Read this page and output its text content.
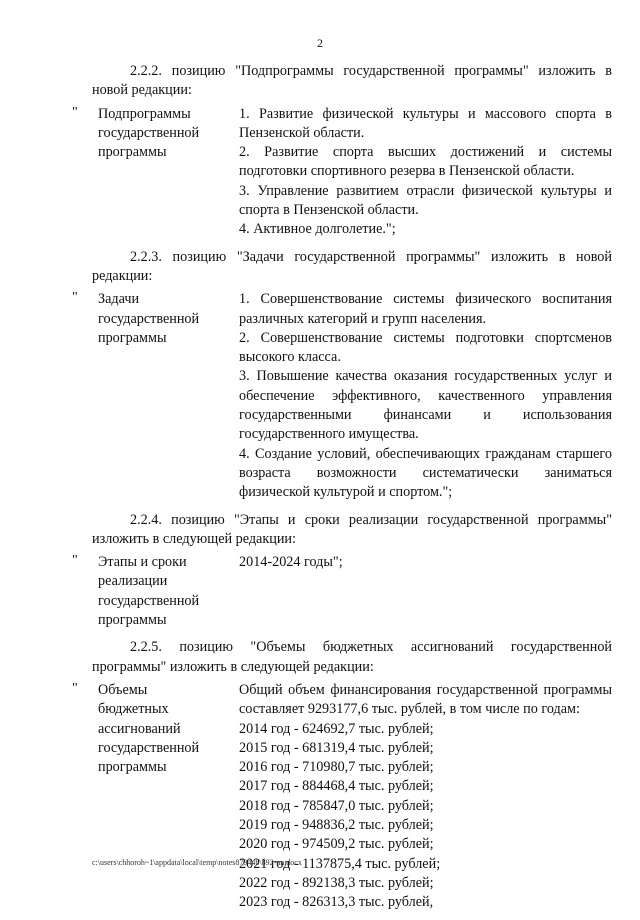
2

2.2.2. позицию "Подпрограммы государственной программы" изложить в новой редакции:

" Подпрограммы
государственной
программы

1. Развитие физической культуры и массового спорта в Пензенской области.

2. Развитие спорта высших достижений и системы подготовки спортивного резерва в Пензенской области.

3. Управление развитием отрасли физической культуры и спорта в Пензенской области.

4. Активное долголетие.";

2.2.3. позицию "Задачи государственной программы" изложить в новой редакции:

" Задачи
государственной
программы

1. Совершенствование системы физического воспитания различных категорий и групп населения.

2. Совершенствование системы подготовки спортсменов высокого класса.

3. Повышение качества оказания государственных услуг и обеспечение эффективного, качественного управления государственными финансами и использования государственного имущества.

4. Создание условий, обеспечивающих гражданам старшего возраста возможности систематически заниматься физической культурой и спортом.";

2.2.4. позицию "Этапы и сроки реализации государственной программы" изложить в следующей редакции:

" Этапы и сроки
реализации
государственной
программы

2014-2024 годы";

2.2.5. позицию "Объемы бюджетных ассигнований государственной программы" изложить в следующей редакции:

" Объемы
бюджетных
ассигнований
государственной
программы

Общий объем финансирования государственной программы составляет 9293177,6 тыс. рублей, в том числе по годам:

2014 год - 624692,7 тыс. рублей;

2015 год - 681319,4 тыс. рублей;

2016 год - 710980,7 тыс. рублей;

2017 год - 884468,4 тыс. рублей;

2018 год - 785847,0 тыс. рублей;

2019 год - 948836,2 тыс. рублей;

2020 год - 974509,2 тыс. рублей;

2021 год - 1137875,4 тыс. рублей;

2022 год - 892138,3 тыс. рублей;

2023 год - 826313,3 тыс. рублей,

c:\users\chhoroh~1\appdata\local\temp\notes87944b\892-nn.docx
